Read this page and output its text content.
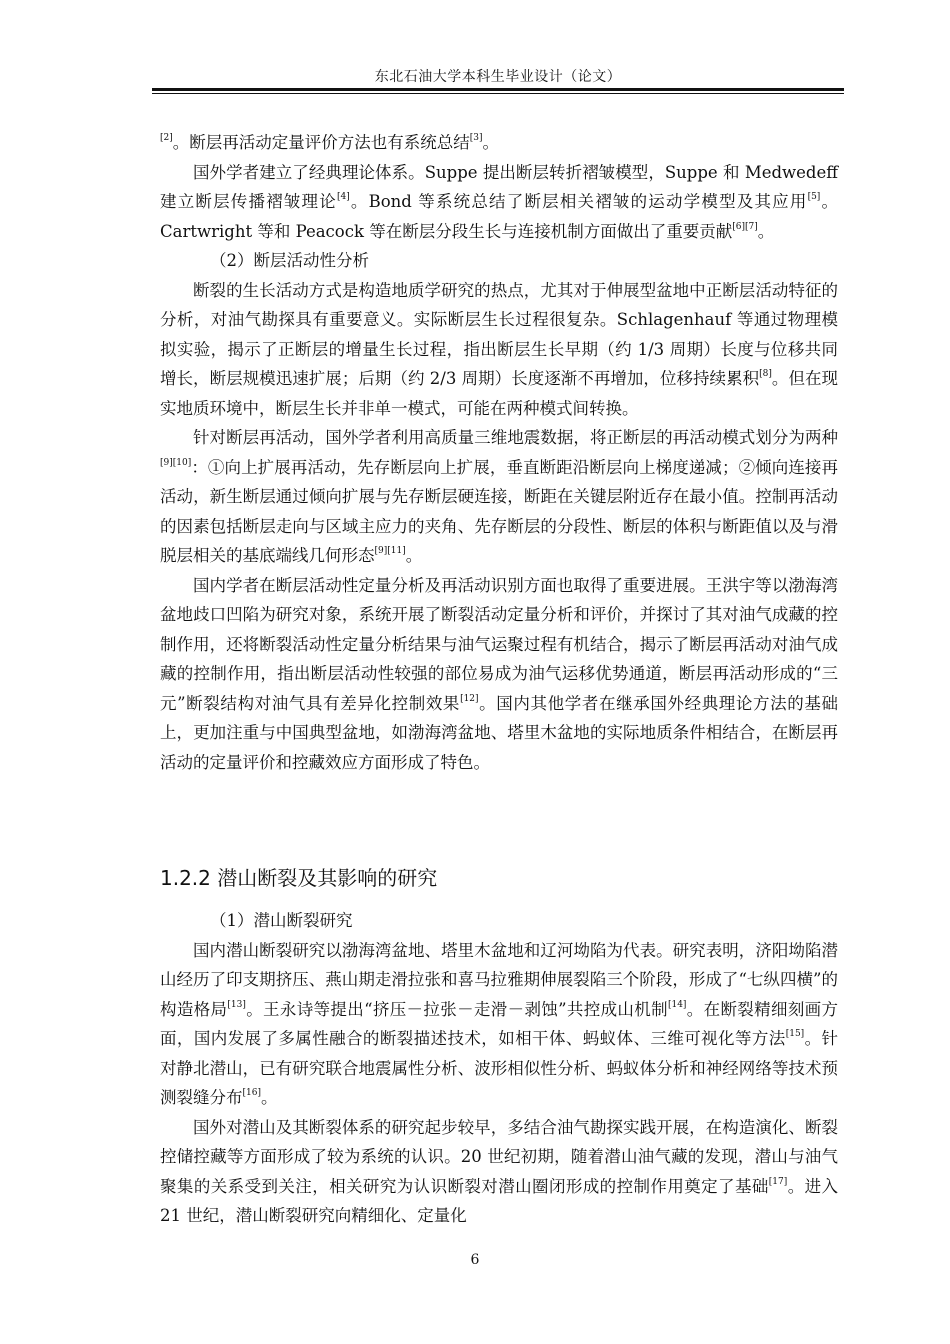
东北石油大学本科生毕业设计（论文）

[2]。断层再活动定量评价方法也有系统总结[3]。

国外学者建立了经典理论体系。Suppe 提出断层转折褶皱模型，Suppe 和 Medwedeff 建立断层传播褶皱理论[4]。Bond 等系统总结了断层相关褶皱的运动学模型及其应用[5]。Cartwright 等和 Peacock 等在断层分段生长与连接机制方面做出了重要贡献[6][7]。

（2）断层活动性分析

断裂的生长活动方式是构造地质学研究的热点，尤其对于伸展型盆地中正断层活动特征的分析，对油气勘探具有重要意义。实际断层生长过程很复杂。Schlagenhauf 等通过物理模拟实验，揭示了正断层的增量生长过程，指出断层生长早期（约 1/3 周期）长度与位移共同增长，断层规模迅速扩展；后期（约 2/3 周期）长度逐渐不再增加，位移持续累积[8]。但在现实地质环境中，断层生长并非单一模式，可能在两种模式间转换。

针对断层再活动，国外学者利用高质量三维地震数据，将正断层的再活动模式划分为两种[9][10]：①向上扩展再活动，先存断层向上扩展，垂直断距沿断层向上梯度递减；②倾向连接再活动，新生断层通过倾向扩展与先存断层硬连接，断距在关键层附近存在最小值。控制再活动的因素包括断层走向与区域主应力的夹角、先存断层的分段性、断层的体积与断距值以及与滑脱层相关的基底端线几何形态[9][11]。

国内学者在断层活动性定量分析及再活动识别方面也取得了重要进展。王洪宇等以渤海湾盆地歧口凹陷为研究对象，系统开展了断裂活动定量分析和评价，并探讨了其对油气成藏的控制作用，还将断裂活动性定量分析结果与油气运聚过程有机结合，揭示了断层再活动对油气成藏的控制作用，指出断层活动性较强的部位易成为油气运移优势通道，断层再活动形成的“三元”断裂结构对油气具有差异化控制效果[12]。国内其他学者在继承国外经典理论方法的基础上，更加注重与中国典型盆地，如渤海湾盆地、塔里木盆地的实际地质条件相结合，在断层再活动的定量评价和控藏效应方面形成了特色。

1.2.2 潜山断裂及其影响的研究

（1）潜山断裂研究

国内潜山断裂研究以渤海湾盆地、塔里木盆地和辽河坳陷为代表。研究表明，济阳坳陷潜山经历了印支期挤压、燕山期走滑拉张和喜马拉雅期伸展裂陷三个阶段，形成了“七纵四横”的构造格局[13]。王永诗等提出“挤压－拉张－走滑－剥蚀”共控成山机制[14]。在断裂精细刻画方面，国内发展了多属性融合的断裂描述技术，如相干体、蚂蚁体、三维可视化等方法[15]。针对静北潜山，已有研究联合地震属性分析、波形相似性分析、蚂蚁体分析和神经网络等技术预测裂缝分布[16]。

国外对潜山及其断裂体系的研究起步较早，多结合油气勘探实践开展，在构造演化、断裂控储控藏等方面形成了较为系统的认识。20 世纪初期，随着潜山油气藏的发现，潜山与油气聚集的关系受到关注，相关研究为认识断裂对潜山圈闭形成的控制作用奠定了基础[17]。进入 21 世纪，潜山断裂研究向精细化、定量化

6
